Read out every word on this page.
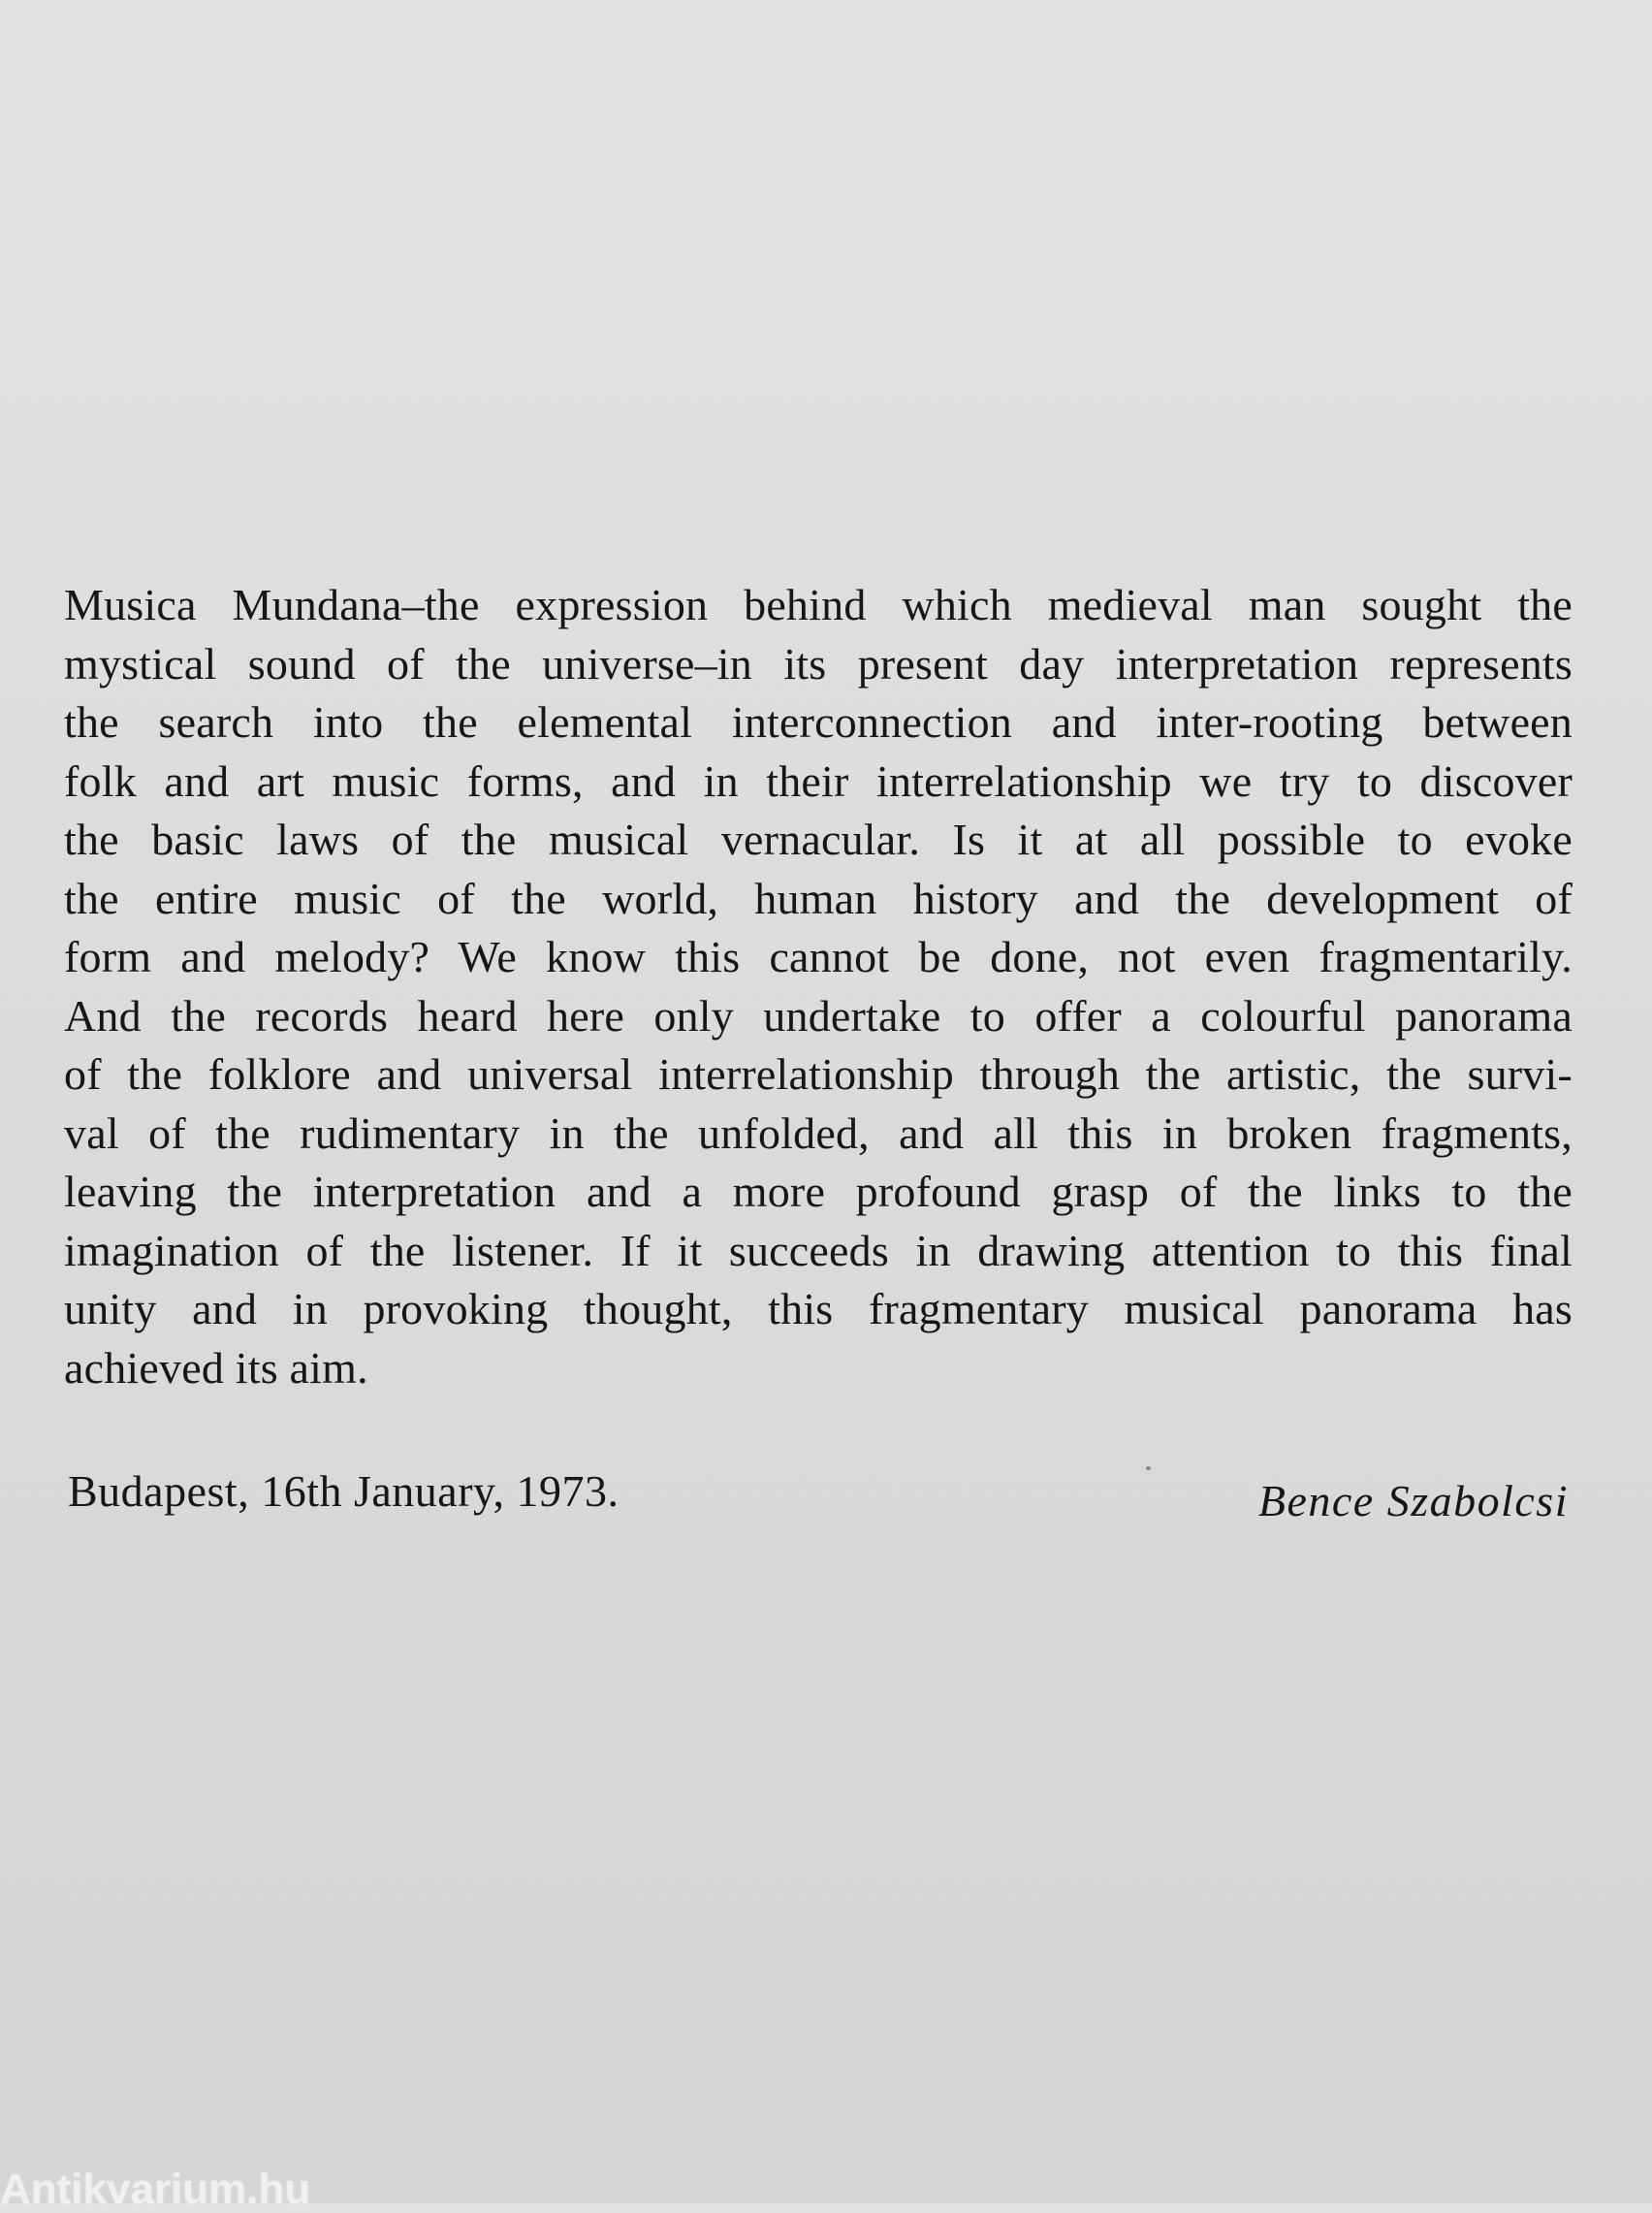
Musica Mundana–the expression behind which medieval man sought the
mystical sound of the universe–in its present day interpretation represents
the search into the elemental interconnection and inter-rooting between
folk and art music forms, and in their interrelationship we try to discover
the basic laws of the musical vernacular. Is it at all possible to evoke
the entire music of the world, human history and the development of
form and melody? We know this cannot be done, not even fragmentarily.
And the records heard here only undertake to offer a colourful panorama
of the folklore and universal interrelationship through the artistic, the survi-
val of the rudimentary in the unfolded, and all this in broken fragments,
leaving the interpretation and a more profound grasp of the links to the
imagination of the listener. If it succeeds in drawing attention to this final
unity and in provoking thought, this fragmentary musical panorama has
achieved its aim.
Budapest, 16th January, 1973.	Bence Szabolcsi
Antikvarium.hu
